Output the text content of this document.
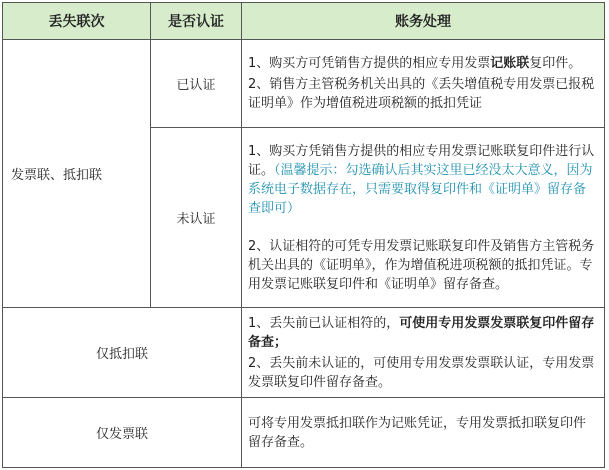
丢失联次	是否认证	账务处理
发票联、抵扣联	已认证	1、购买方可凭销售方提供的相应专用发票记账联复印件。

2、销售方主管税务机关出具的《丢失增值税专用发票已报税证明单》作为增值税进项税额的抵扣凭证

	未认证	1、购买方凭销售方提供的相应专用发票记账联复印件进行认证。（温馨提示：勾选确认后其实这里已经没太大意义，因为系统电子数据存在，只需要取得复印件和《证明单》留存备查即可）

2、认证相符的可凭专用发票记账联复印件及销售方主管税务机关出具的《证明单》，作为增值税进项税额的抵扣凭证。专用发票记账联复印件和《证明单》留存备查。

仅抵扣联		1、丢失前已认证相符的，可使用专用发票发票联复印件留存备查；

2、丢失前未认证的，可使用专用发票发票联认证，专用发票发票联复印件留存备查。

仅发票联		可将专用发票抵扣联作为记账凭证，专用发票抵扣联复印件留存备查。
